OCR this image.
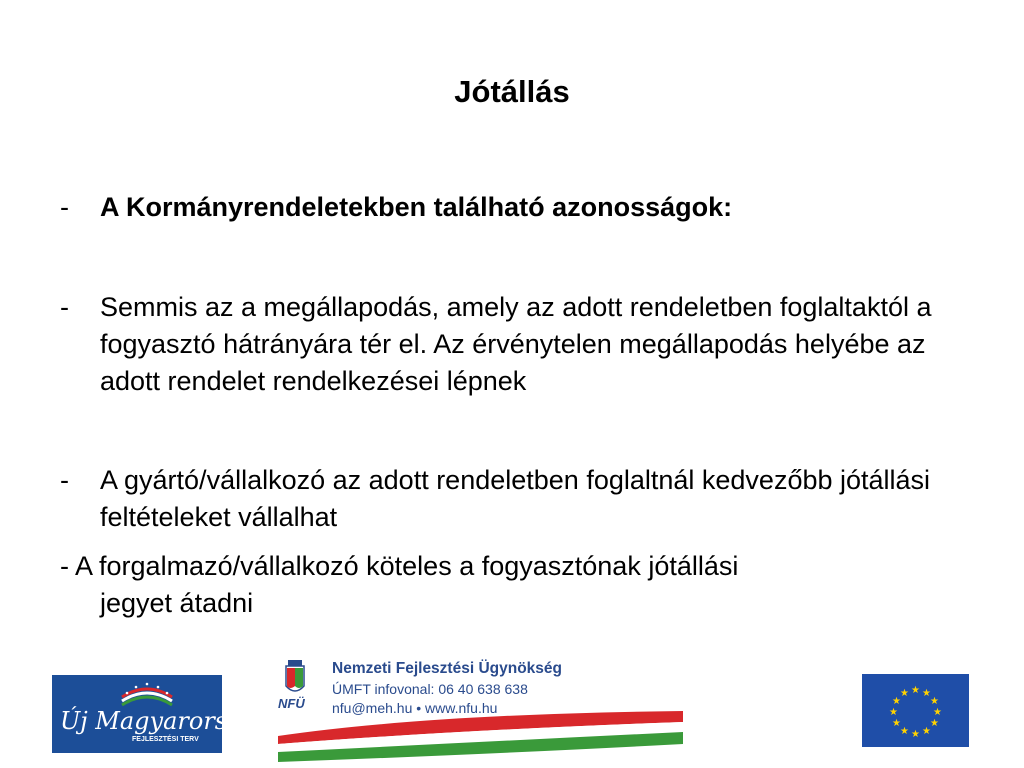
Jótállás
-	A Kormányrendeletekben található azonosságok:
-	Semmis az a megállapodás, amely az adott rendeletben foglaltaktól a fogyasztó hátrányára tér el. Az érvénytelen megállapodás helyébe az adott rendelet rendelkezései lépnek
-	A gyártó/vállalkozó az adott rendeletben foglaltnál kedvezőbb jótállási feltételeket vállalhat
- A forgalmazó/vállalkozó köteles a fogyasztónak jótállási
jegyet átadni
Új Magyarország
FEJLESZTÉSI TERV
Nemzeti Fejlesztési Ügynökség
ÚMFT infovonal: 06 40 638 638
nfu@meh.hu • www.nfu.hu
NFÜ
★ ★
★
★
★
★
★
★
★
★
★
★
